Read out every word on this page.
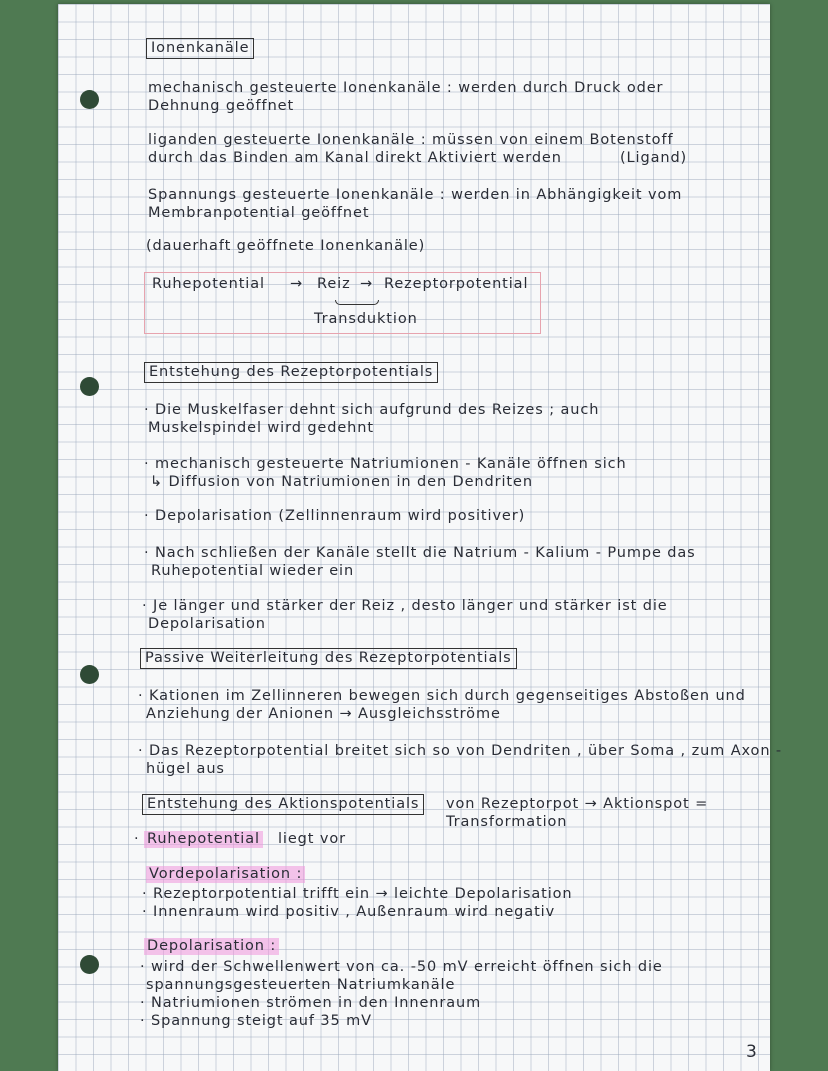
Ionenkanäle
mechanisch gesteuerte Ionenkanäle : werden durch Druck oder
Dehnung geöffnet
liganden gesteuerte Ionenkanäle : müssen von einem Botenstoff
durch das Binden am Kanal direkt Aktiviert werden	(Ligand)
Spannungs gesteuerte Ionenkanäle : werden in Abhängigkeit vom
Membranpotential geöffnet
(dauerhaft geöffnete Ionenkanäle)
Ruhepotential → Reiz → Rezeptorpotential
Transduktion
Entstehung des Rezeptorpotentials
· Die Muskelfaser dehnt sich aufgrund des Reizes ; auch
Muskelspindel wird gedehnt
· mechanisch gesteuerte Natriumionen - Kanäle öffnen sich
↳ Diffusion von Natriumionen in den Dendriten
· Depolarisation (Zellinnenraum wird positiver)
· Nach schließen der Kanäle stellt die Natrium - Kalium - Pumpe das
Ruhepotential wieder ein
· Je länger und stärker der Reiz , desto länger und stärker ist die
Depolarisation
Passive Weiterleitung des Rezeptorpotentials
· Kationen im Zellinneren bewegen sich durch gegenseitiges Abstoßen und
Anziehung der Anionen → Ausgleichsströme
· Das Rezeptorpotential breitet sich so von Dendriten , über Soma , zum Axon -
hügel aus
Entstehung des Aktionspotentials	von Rezeptorpot → Aktionspot =
Transformation
· Ruhepotential liegt vor
Vordepolarisation :
· Rezeptorpotential trifft ein → leichte Depolarisation
· Innenraum wird positiv , Außenraum wird negativ
Depolarisation :
· wird der Schwellenwert von ca. -50 mV erreicht öffnen sich die
spannungsgesteuerten Natriumkanäle
· Natriumionen strömen in den Innenraum
· Spannung steigt auf 35 mV
3
